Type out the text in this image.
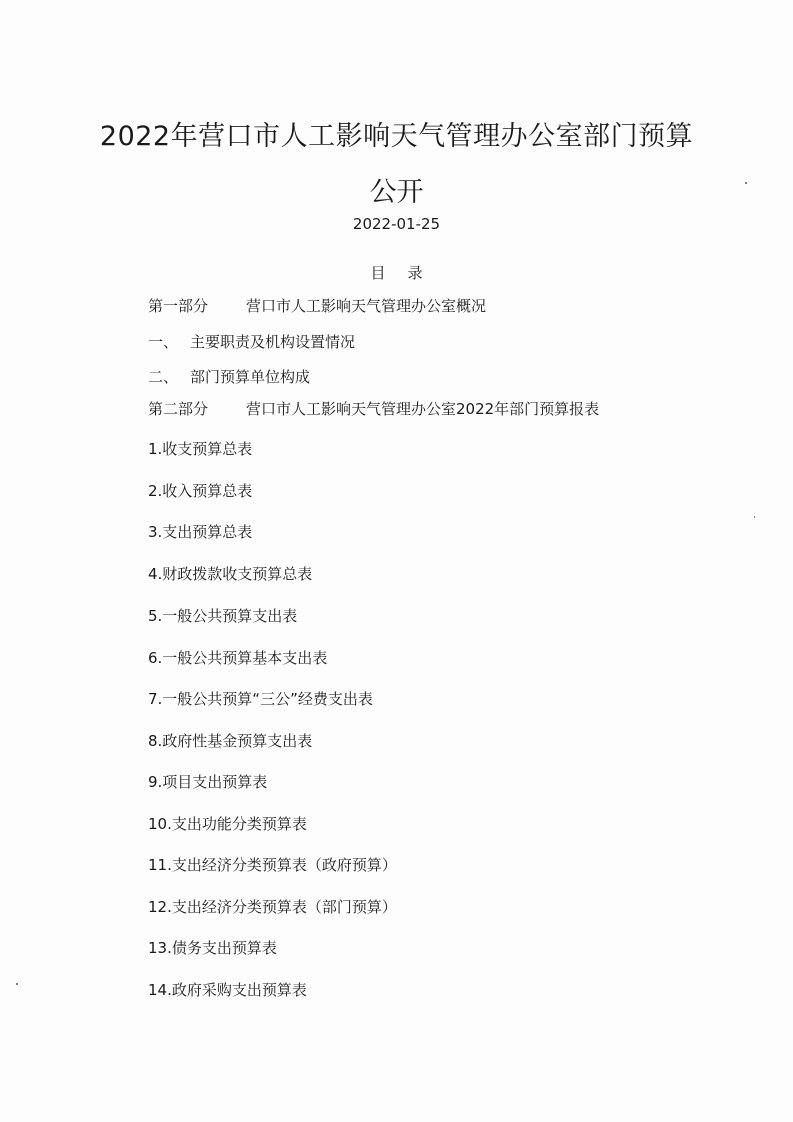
2022年营口市人工影响天气管理办公室部门预算
公开
2022-01-25
目录
第一部分	营口市人工影响天气管理办公室概况
一、 主要职责及机构设置情况
二、 部门预算单位构成
第二部分	营口市人工影响天气管理办公室2022年部门预算报表
1.收支预算总表
2.收入预算总表
3.支出预算总表
4.财政拨款收支预算总表
5.一般公共预算支出表
6.一般公共预算基本支出表
7.一般公共预算“三公”经费支出表
8.政府性基金预算支出表
9.项目支出预算表
10.支出功能分类预算表
11.支出经济分类预算表（政府预算）
12.支出经济分类预算表（部门预算）
13.债务支出预算表
14.政府采购支出预算表
